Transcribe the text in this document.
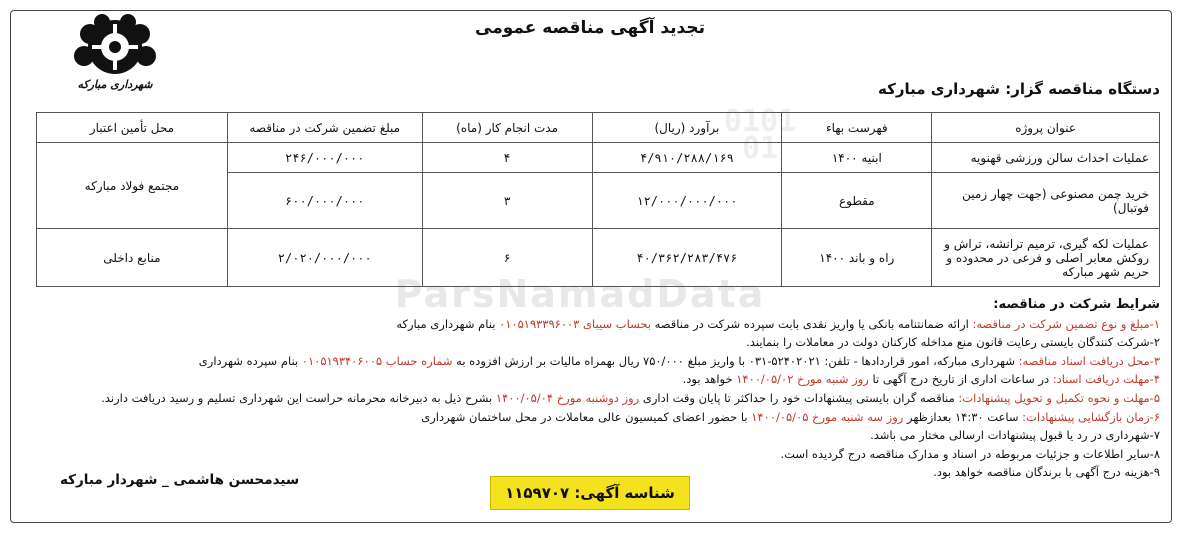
ParsNamadData
010101
شهرداری مبارکه
تجدید آگهی مناقصه عمومی
دستگاه مناقصه گزار: شهرداری مبارکه
عنوان پروژه	فهرست بهاء	برآورد (ریال)	مدت انجام کار (ماه)	مبلغ تضمین شرکت در مناقصه	محل تأمین اعتبار
عملیات احداث سالن ورزشی قهنویه	ابنیه ۱۴۰۰	۴/۹۱۰/۲۸۸/۱۶۹	۴	۲۴۶/۰۰۰/۰۰۰	مجتمع فولاد مبارکه
خرید چمن مصنوعی (جهت چهار زمین فوتبال)	مقطوع	۱۲/۰۰۰/۰۰۰/۰۰۰	۳	۶۰۰/۰۰۰/۰۰۰	
عملیات لکه گیری، ترمیم ترانشه، تراش و روکش معابر اصلی و فرعی در محدوده و حریم شهر مبارکه	راه و باند ۱۴۰۰	۴۰/۳۶۲/۲۸۳/۴۷۶	۶	۲/۰۲۰/۰۰۰/۰۰۰	منابع داخلی
شرایط شرکت در مناقصه:
۱-مبلغ و نوع تضمین شرکت در مناقصه: ارائه ضمانتنامه بانکی یا واریز نقدی بابت سپرده شرکت در مناقصه بحساب سیبای ۰۱۰۵۱۹۳۳۹۶۰۰۳ بنام شهرداری مبارکه
۲-شرکت کنندگان بایستی رعایت قانون منع مداخله کارکنان دولت در معاملات را بنمایند.
۳-محل دریافت اسناد مناقصه: شهرداری مبارکه، امور قراردادها - تلفن: ۵۲۴۰۲۰۲۱-۰۳۱ با واریز مبلغ ۷۵۰/۰۰۰ ریال بهمراه مالیات بر ارزش افزوده به شماره حساب ۰۱۰۵۱۹۳۴۰۶۰۰۵ بنام سپرده شهرداری
۴-مهلت دریافت اسناد: در ساعات اداری از تاریخ درج آگهی تا روز شنبه مورخ ۱۴۰۰/۰۵/۰۲ خواهد بود.
۵-مهلت و نحوه تکمیل و تحویل پیشنهادات: مناقصه گران بایستی پیشنهادات خود را حداکثر تا پایان وقت اداری روز دوشنبه مورخ ۱۴۰۰/۰۵/۰۴ بشرح ذیل به دبیرخانه محرمانه حراست این شهرداری تسلیم و رسید دریافت دارند.
۶-زمان بازگشایی پیشنهادات: ساعت ۱۴:۳۰ بعدازظهر روز سه شنبه مورخ ۱۴۰۰/۰۵/۰۵ با حضور اعضای کمیسیون عالی معاملات در محل ساختمان شهرداری
۷-شهرداری در رد یا قبول پیشنهادات ارسالی مختار می باشد.
۸-سایر اطلاعات و جزئیات مربوطه در اسناد و مدارک مناقصه درج گردیده است.
۹-هزینه درج آگهی با برندگان مناقصه خواهد بود.
سیدمحسن هاشمی _ شهردار مبارکه
شناسه آگهی: ۱۱۵۹۷۰۷
